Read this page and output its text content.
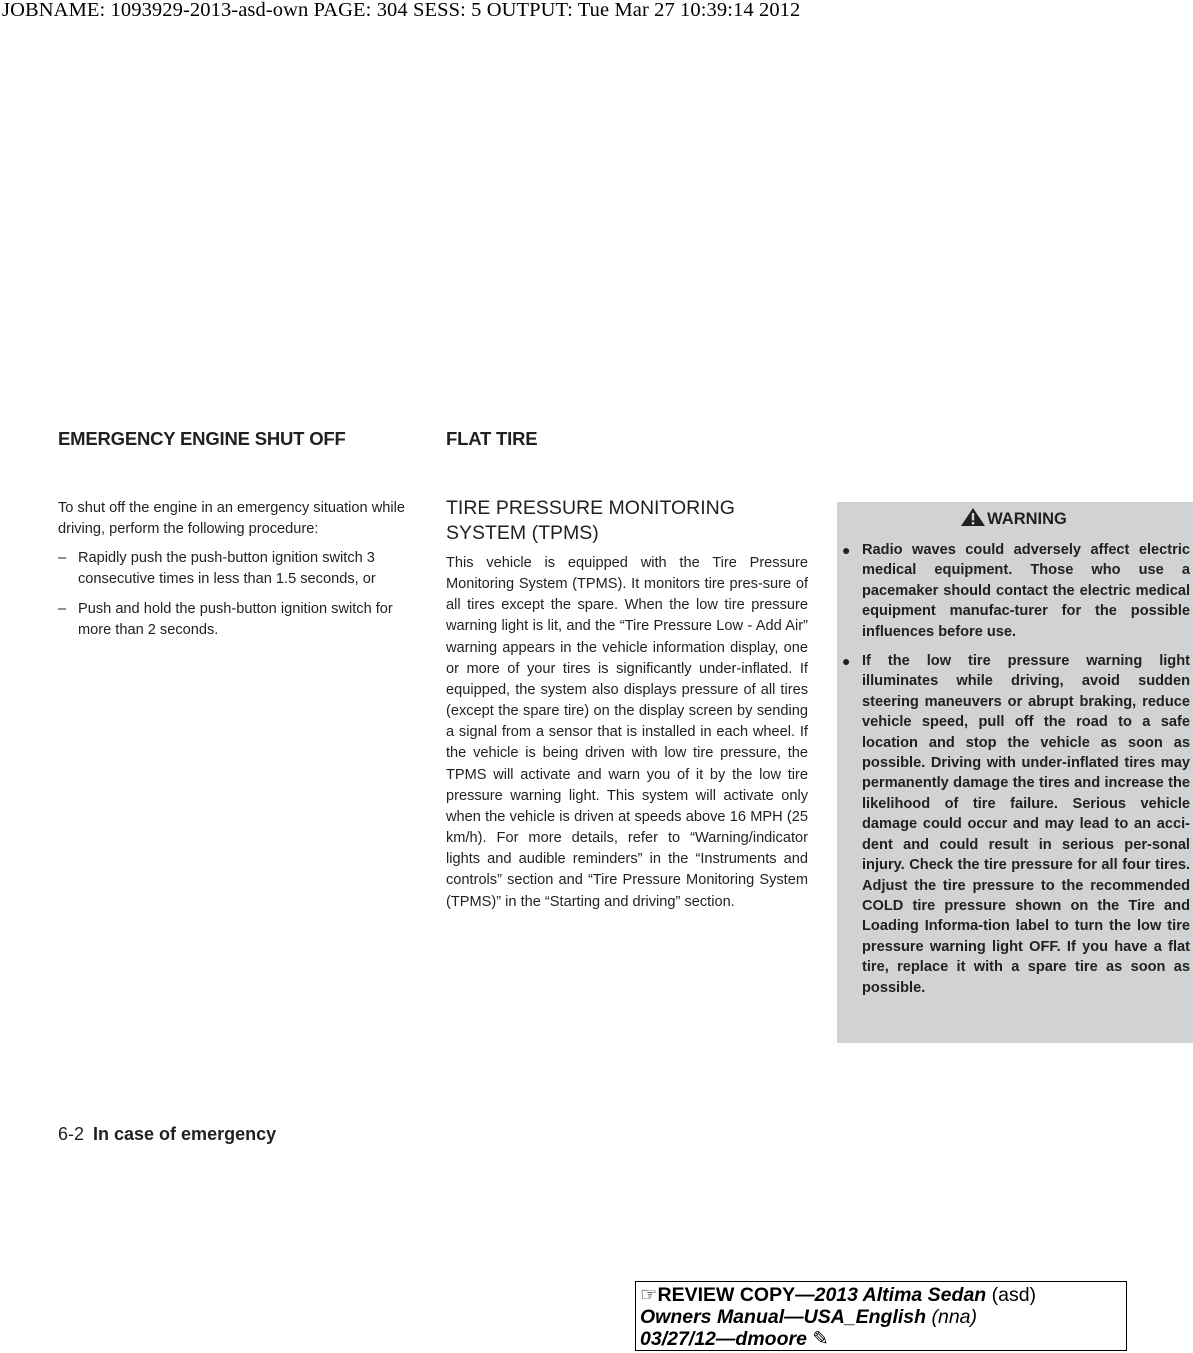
JOBNAME: 1093929-2013-asd-own PAGE: 304 SESS: 5 OUTPUT: Tue Mar 27 10:39:14 2012
EMERGENCY ENGINE SHUT OFF	FLAT TIRE

To shut off the engine in an emergency situation while driving, perform the following procedure:

– Rapidly push the push-button ignition switch 3 consecutive times in less than 1.5 seconds, or
– Push and hold the push-button ignition switch for more than 2 seconds.
TIRE PRESSURE MONITORING SYSTEM (TPMS)

This vehicle is equipped with the Tire Pressure Monitoring System (TPMS). It monitors tire pres-sure of all tires except the spare. When the low tire pressure warning light is lit, and the “Tire Pressure Low - Add Air” warning appears in the vehicle information display, one or more of your tires is significantly under-inflated. If equipped, the system also displays pressure of all tires (except the spare tire) on the display screen by sending a signal from a sensor that is installed in each wheel. If the vehicle is being driven with low tire pressure, the TPMS will activate and warn you of it by the low tire pressure warning light. This system will activate only when the vehicle is driven at speeds above 16 MPH (25 km/h). For more details, refer to “Warning/indicator lights and audible reminders” in the “Instruments and controls” section and “Tire Pressure Monitoring System (TPMS)” in the “Starting and driving” section.

WARNING
● Radio waves could adversely affect electric medical equipment. Those who use a pacemaker should contact the electric medical equipment manufac-turer for the possible influences before use.
● If the low tire pressure warning light illuminates while driving, avoid sudden steering maneuvers or abrupt braking, reduce vehicle speed, pull off the road to a safe location and stop the vehicle as soon as possible. Driving with under-inflated tires may permanently damage the tires and increase the likelihood of tire failure. Serious vehicle damage could occur and may lead to an acci-dent and could result in serious per-sonal injury. Check the tire pressure for all four tires. Adjust the tire pressure to the recommended COLD tire pressure shown on the Tire and Loading Informa-tion label to turn the low tire pressure warning light OFF. If you have a flat tire, replace it with a spare tire as soon as possible.
6-2 In case of emergency
☞REVIEW COPY—2013 Altima Sedan (asd)
Owners Manual—USA_English (nna)
03/27/12—dmoore ✎
